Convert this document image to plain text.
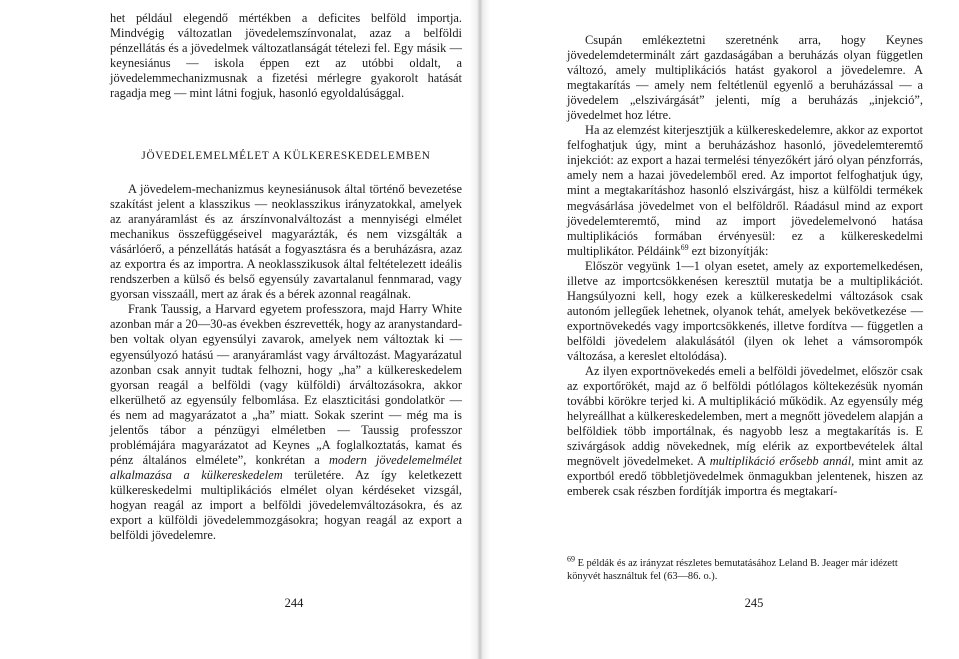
het például elegendő mértékben a deficites belföld importja. Mindvégig változatlan jövedelemszínvonalat, azaz a belföldi pénzellátás és a jövedelmek változatlanságát tételezi fel. Egy másik — keynesiánus — iskola éppen ezt az utóbbi oldalt, a jövedelemmechanizmusnak a fizetési mérlegre gyakorolt hatását ragadja meg — mint látni fogjuk, hasonló egyoldalúsággal.

JÖVEDELEMELMÉLET A KÜLKERESKEDELEMBEN

A jövedelem-mechanizmus keynesiánusok által történő bevezetése szakítást jelent a klasszikus — neoklasszikus irányzatokkal, amelyek az aranyáramlást és az árszínvonalváltozást a mennyiségi elmélet mechanikus összefüggéseivel magyarázták, és nem vizsgálták a vásárlóerő, a pénzellátás hatását a fogyasztásra és a beruházásra, azaz az exportra és az importra. A neoklasszikusok által feltételezett ideális rendszerben a külső és belső egyensúly zavartalanul fennmarad, vagy gyorsan visszaáll, mert az árak és a bérek azonnal reagálnak.

Frank Taussig, a Harvard egyetem professzora, majd Harry White azonban már a 20—30-as években észrevették, hogy az aranystandard-ben voltak olyan egyensúlyi zavarok, amelyek nem változtak ki — egyensúlyozó hatású — aranyáramlást vagy árváltozást. Magyarázatul azonban csak annyit tudtak felhozni, hogy „ha” a külkereskedelem gyorsan reagál a belföldi (vagy külföldi) árváltozásokra, akkor elkerülhető az egyensúly felbomlása. Ez elaszticitási gondolatkör — és nem ad magyarázatot a „ha” miatt. Sokak szerint — még ma is jelentős tábor a pénzügyi elméletben — Taussig professzor problémájára magyarázatot ad Keynes „A foglalkoztatás, kamat és pénz általános elmélete”, konkrétan a modern jövedelemelmélet alkalmazása a külkereskedelem területére. Az így keletkezett külkereskedelmi multiplikációs elmélet olyan kérdéseket vizsgál, hogyan reagál az import a belföldi jövedelemváltozásokra, és az export a külföldi jövedelemmozgásokra; hogyan reagál az export a belföldi jövedelemre.

244

Csupán emlékeztetni szeretnénk arra, hogy Keynes jövedelemdeterminált zárt gazdaságában a beruházás olyan független változó, amely multiplikációs hatást gyakorol a jövedelemre. A megtakarítás — amely nem feltétlenül egyenlő a beruházással — a jövedelem „elszivárgását” jelenti, míg a beruházás „injekció”, jövedelmet hoz létre.

Ha az elemzést kiterjesztjük a külkereskedelemre, akkor az exportot felfoghatjuk úgy, mint a beruházáshoz hasonló, jövedelemteremtő injekciót: az export a hazai termelési tényezőkért járó olyan pénzforrás, amely nem a hazai jövedelemből ered. Az importot felfoghatjuk úgy, mint a megtakarításhoz hasonló elszivárgást, hisz a külföldi termékek megvásárlása jövedelmet von el belföldről. Ráadásul mind az export jövedelemteremtő, mind az import jövedelemelvonó hatása multiplikációs formában érvényesül: ez a külkereskedelmi multiplikátor. Példáink$^{69}$ ezt bizonyítják:

Először vegyünk 1—1 olyan esetet, amely az exportemelkedésen, illetve az importcsökkenésen keresztül mutatja be a multiplikációt. Hangsúlyozni kell, hogy ezek a külkereskedelmi változások csak autonóm jellegűek lehetnek, olyanok tehát, amelyek bekövetkezése — exportnövekedés vagy importcsökkenés, illetve fordítva — független a belföldi jövedelem alakulásától (ilyen ok lehet a vámsorompók változása, a kereslet eltolódása).

Az ilyen exportnövekedés emeli a belföldi jövedelmet, először csak az exportőrökét, majd az ő belföldi pótlólagos költekezésük nyomán további körökre terjed ki. A multiplikáció működik. Az egyensúly még helyreállhat a külkereskedelemben, mert a megnőtt jövedelem alapján a belföldiek több importálnak, és nagyobb lesz a megtakarítás is. E szivárgások addig növekednek, míg elérik az exportbevételek által megnövelt jövedelmeket. A multiplikáció erősebb annál, mint amit az exportból eredő többletjövedelmek önmagukban jelentenek, hiszen az emberek csak részben fordítják importra és megtakarí-

$^{69}$ E példák és az irányzat részletes bemutatásához Leland B. Jeager már idézett könyvét használtuk fel (63—86. o.).
245
